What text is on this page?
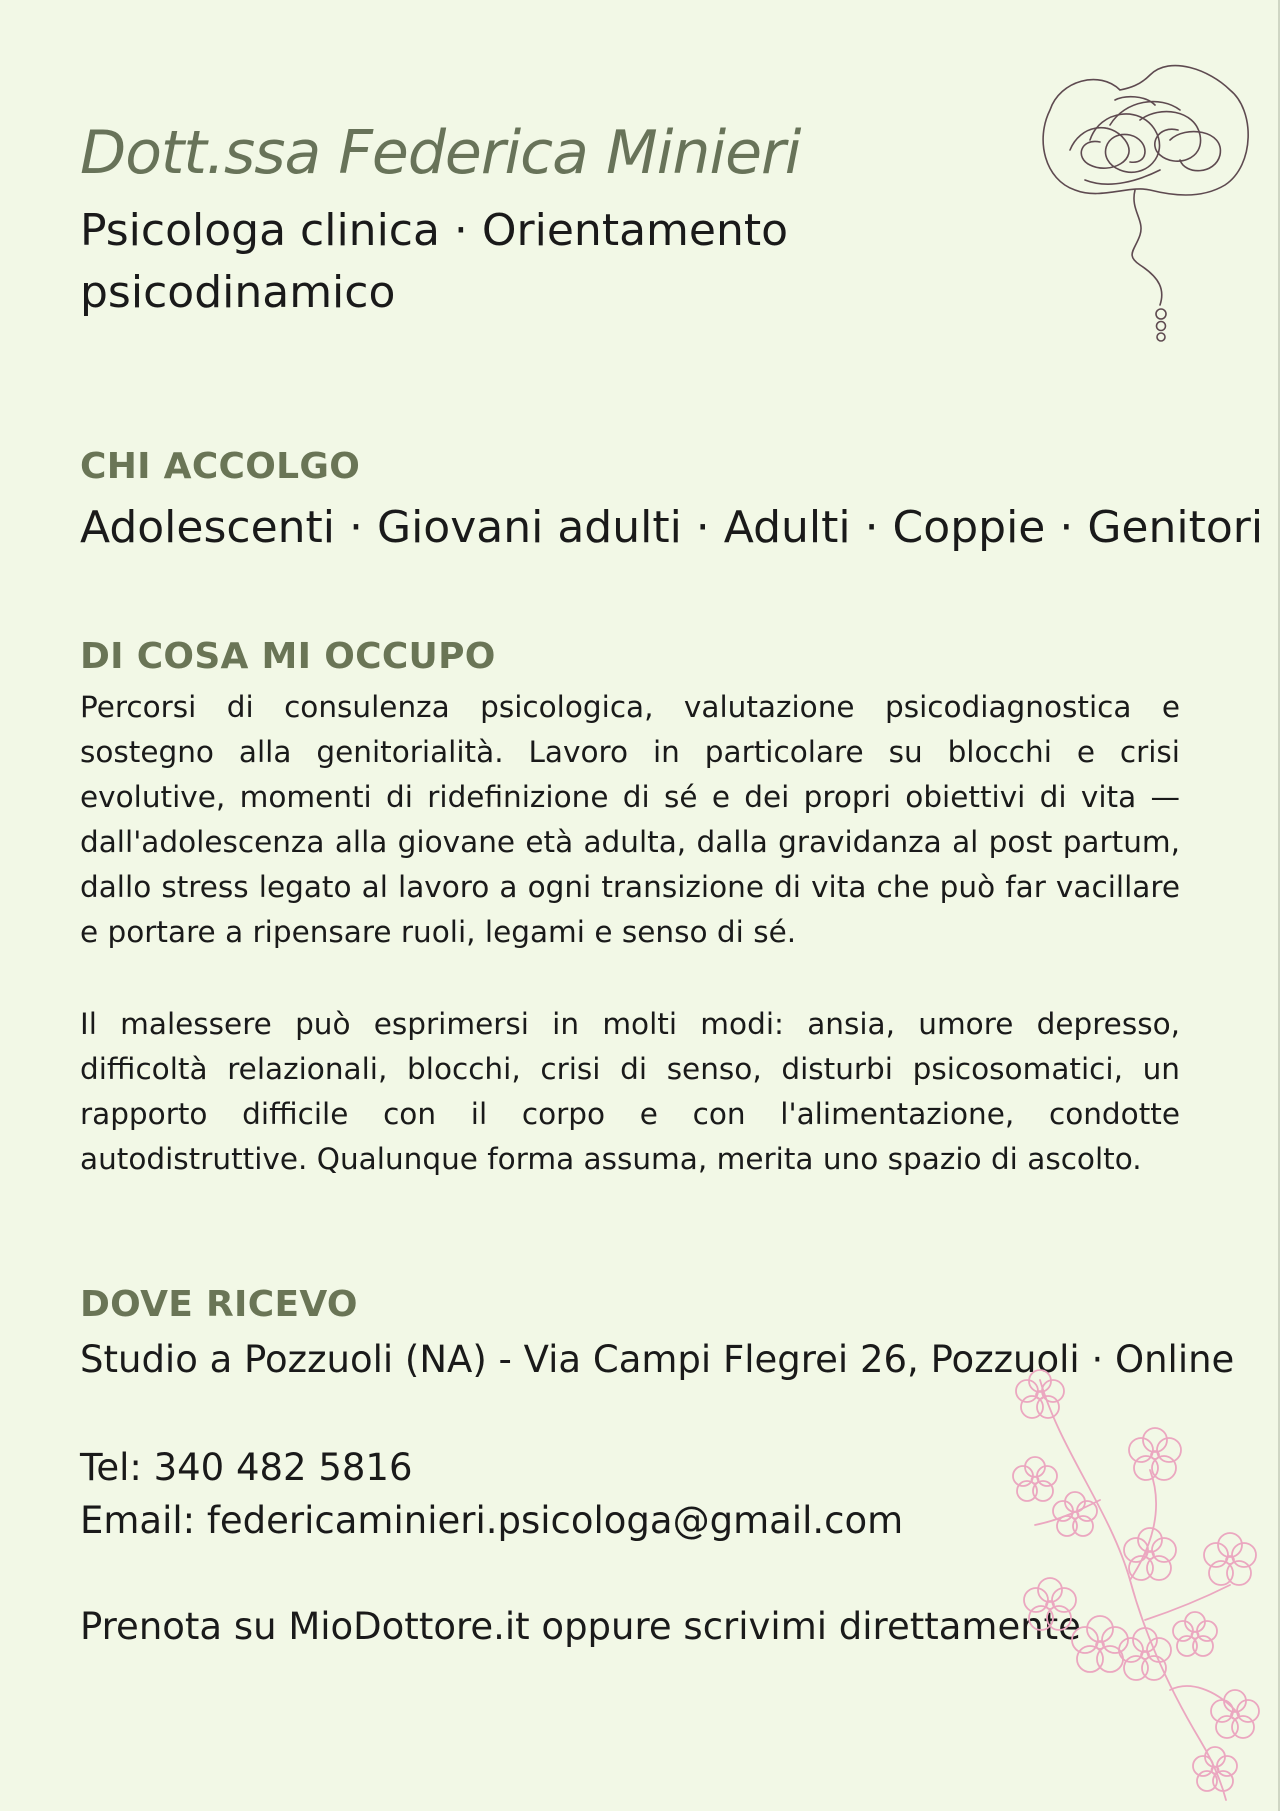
Dott.ssa Federica Minieri
Psicologa clinica · Orientamento psicodinamico
CHI ACCOLGO
Adolescenti · Giovani adulti · Adulti · Coppie · Genitori
DI COSA MI OCCUPO

Percorsi di consulenza psicologica, valutazione psicodiagnostica e sostegno alla genitorialità. Lavoro in particolare su blocchi e crisi evolutive, momenti di ridefinizione di sé e dei propri obiettivi di vita — dall'adolescenza alla giovane età adulta, dalla gravidanza al post partum, dallo stress legato al lavoro a ogni transizione di vita che può far vacillare e portare a ripensare ruoli, legami e senso di sé.

Il malessere può esprimersi in molti modi: ansia, umore depresso, difficoltà relazionali, blocchi, crisi di senso, disturbi psicosomatici, un rapporto difficile con il corpo e con l'alimentazione, condotte autodistruttive. Qualunque forma assuma, merita uno spazio di ascolto.

DOVE RICEVO
Studio a Pozzuoli (NA) - Via Campi Flegrei 26, Pozzuoli · Online
Tel: 340 482 5816
Email: federicaminieri.psicologa@gmail.com
Prenota su MioDottore.it oppure scrivimi direttamente
